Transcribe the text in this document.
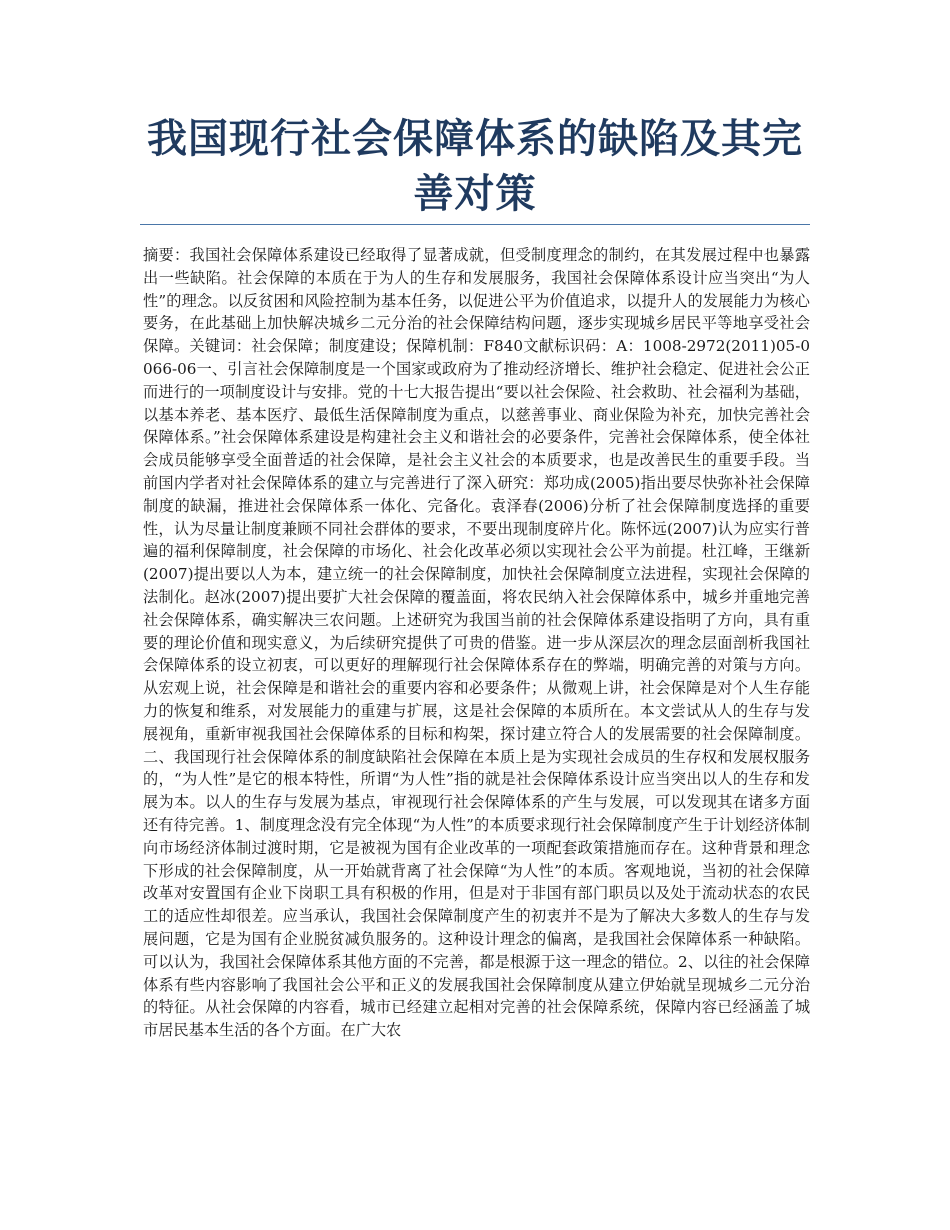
我国现行社会保障体系的缺陷及其完善对策

摘要：我国社会保障体系建设已经取得了显著成就，但受制度理念的制约，在其发展过程中也暴露出一些缺陷。社会保障的本质在于为人的生存和发展服务，我国社会保障体系设计应当突出“为人性”的理念。以反贫困和风险控制为基本任务，以促进公平为价值追求，以提升人的发展能力为核心要务，在此基础上加快解决城乡二元分治的社会保障结构问题，逐步实现城乡居民平等地享受社会保障。关键词：社会保障；制度建设；保障机制：F840文献标识码：A：1008-2972(2011)05-0066-06一、引言社会保障制度是一个国家或政府为了推动经济增长、维护社会稳定、促进社会公正而进行的一项制度设计与安排。党的十七大报告提出“要以社会保险、社会救助、社会福利为基础，以基本养老、基本医疗、最低生活保障制度为重点，以慈善事业、商业保险为补充，加快完善社会保障体系。”社会保障体系建设是构建社会主义和谐社会的必要条件，完善社会保障体系，使全体社会成员能够享受全面普适的社会保障，是社会主义社会的本质要求，也是改善民生的重要手段。当前国内学者对社会保障体系的建立与完善进行了深入研究：郑功成(2005)指出要尽快弥补社会保障制度的缺漏，推进社会保障体系一体化、完备化。袁泽春(2006)分析了社会保障制度选择的重要性，认为尽量让制度兼顾不同社会群体的要求，不要出现制度碎片化。陈怀远(2007)认为应实行普遍的福利保障制度，社会保障的市场化、社会化改革必须以实现社会公平为前提。杜江峰，王继新(2007)提出要以人为本，建立统一的社会保障制度，加快社会保障制度立法进程，实现社会保障的法制化。赵冰(2007)提出要扩大社会保障的覆盖面，将农民纳入社会保障体系中，城乡并重地完善社会保障体系，确实解决三农问题。上述研究为我国当前的社会保障体系建设指明了方向，具有重要的理论价值和现实意义，为后续研究提供了可贵的借鉴。进一步从深层次的理念层面剖析我国社会保障体系的设立初衷，可以更好的理解现行社会保障体系存在的弊端，明确完善的对策与方向。从宏观上说，社会保障是和谐社会的重要内容和必要条件；从微观上讲，社会保障是对个人生存能力的恢复和维系，对发展能力的重建与扩展，这是社会保障的本质所在。本文尝试从人的生存与发展视角，重新审视我国社会保障体系的目标和构架，探讨建立符合人的发展需要的社会保障制度。二、我国现行社会保障体系的制度缺陷社会保障在本质上是为实现社会成员的生存权和发展权服务的，“为人性”是它的根本特性，所谓“为人性”指的就是社会保障体系设计应当突出以人的生存和发展为本。以人的生存与发展为基点，审视现行社会保障体系的产生与发展，可以发现其在诸多方面还有待完善。1、制度理念没有完全体现“为人性”的本质要求现行社会保障制度产生于计划经济体制向市场经济体制过渡时期，它是被视为国有企业改革的一项配套政策措施而存在。这种背景和理念下形成的社会保障制度，从一开始就背离了社会保障“为人性”的本质。客观地说，当初的社会保障改革对安置国有企业下岗职工具有积极的作用，但是对于非国有部门职员以及处于流动状态的农民工的适应性却很差。应当承认，我国社会保障制度产生的初衷并不是为了解决大多数人的生存与发展问题，它是为国有企业脱贫减负服务的。这种设计理念的偏离，是我国社会保障体系一种缺陷。可以认为，我国社会保障体系其他方面的不完善，都是根源于这一理念的错位。2、以往的社会保障体系有些内容影响了我国社会公平和正义的发展我国社会保障制度从建立伊始就呈现城乡二元分治的特征。从社会保障的内容看，城市已经建立起相对完善的社会保障系统，保障内容已经涵盖了城市居民基本生活的各个方面。在广大农
